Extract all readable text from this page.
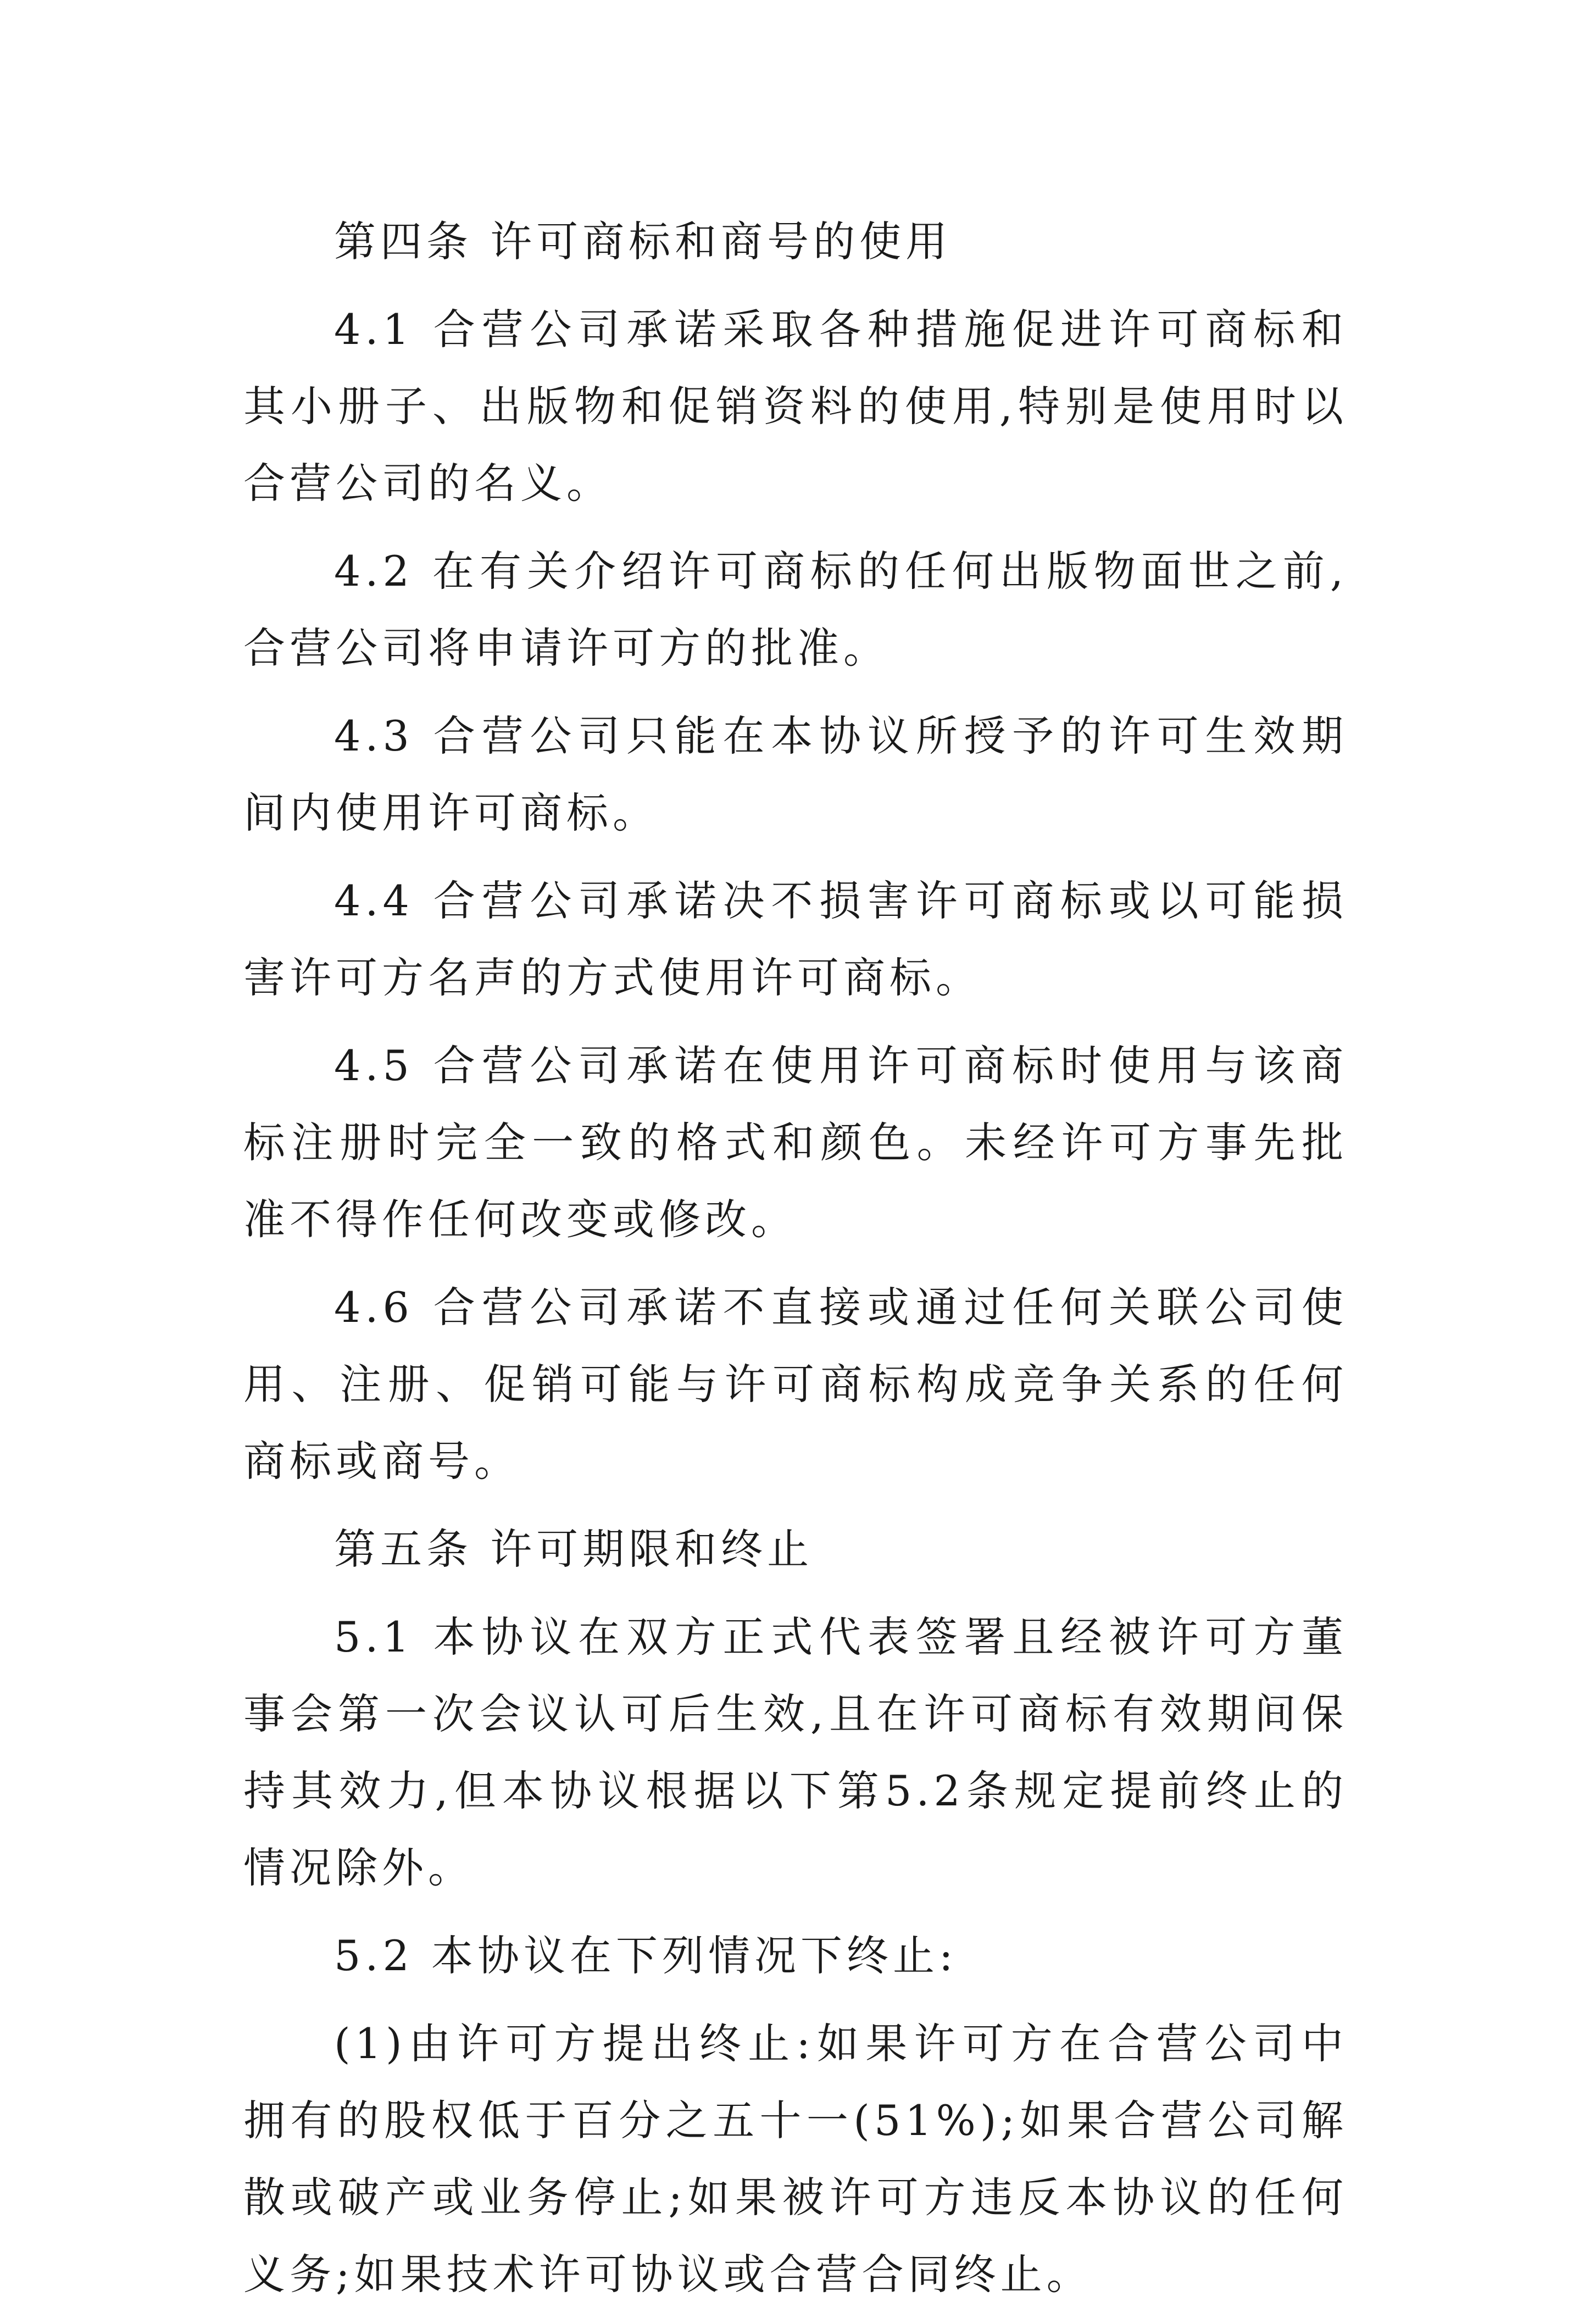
第四条 许可商标和商号的使用

4.1 合营公司承诺采取各种措施促进许可商标和其小册子、出版物和促销资料的使用,特别是使用时以合营公司的名义。

4.2 在有关介绍许可商标的任何出版物面世之前,合营公司将申请许可方的批准。

4.3 合营公司只能在本协议所授予的许可生效期间内使用许可商标。

4.4 合营公司承诺决不损害许可商标或以可能损害许可方名声的方式使用许可商标。

4.5 合营公司承诺在使用许可商标时使用与该商标注册时完全一致的格式和颜色。未经许可方事先批准不得作任何改变或修改。

4.6 合营公司承诺不直接或通过任何关联公司使用、注册、促销可能与许可商标构成竞争关系的任何商标或商号。

第五条 许可期限和终止

5.1 本协议在双方正式代表签署且经被许可方董事会第一次会议认可后生效,且在许可商标有效期间保持其效力,但本协议根据以下第5.2条规定提前终止的情况除外。

5.2 本协议在下列情况下终止:

(1)由许可方提出终止:如果许可方在合营公司中拥有的股权低于百分之五十一(51%);如果合营公司解散或破产或业务停止;如果被许可方违反本协议的任何义务;如果技术许可协议或合营合同终止。
